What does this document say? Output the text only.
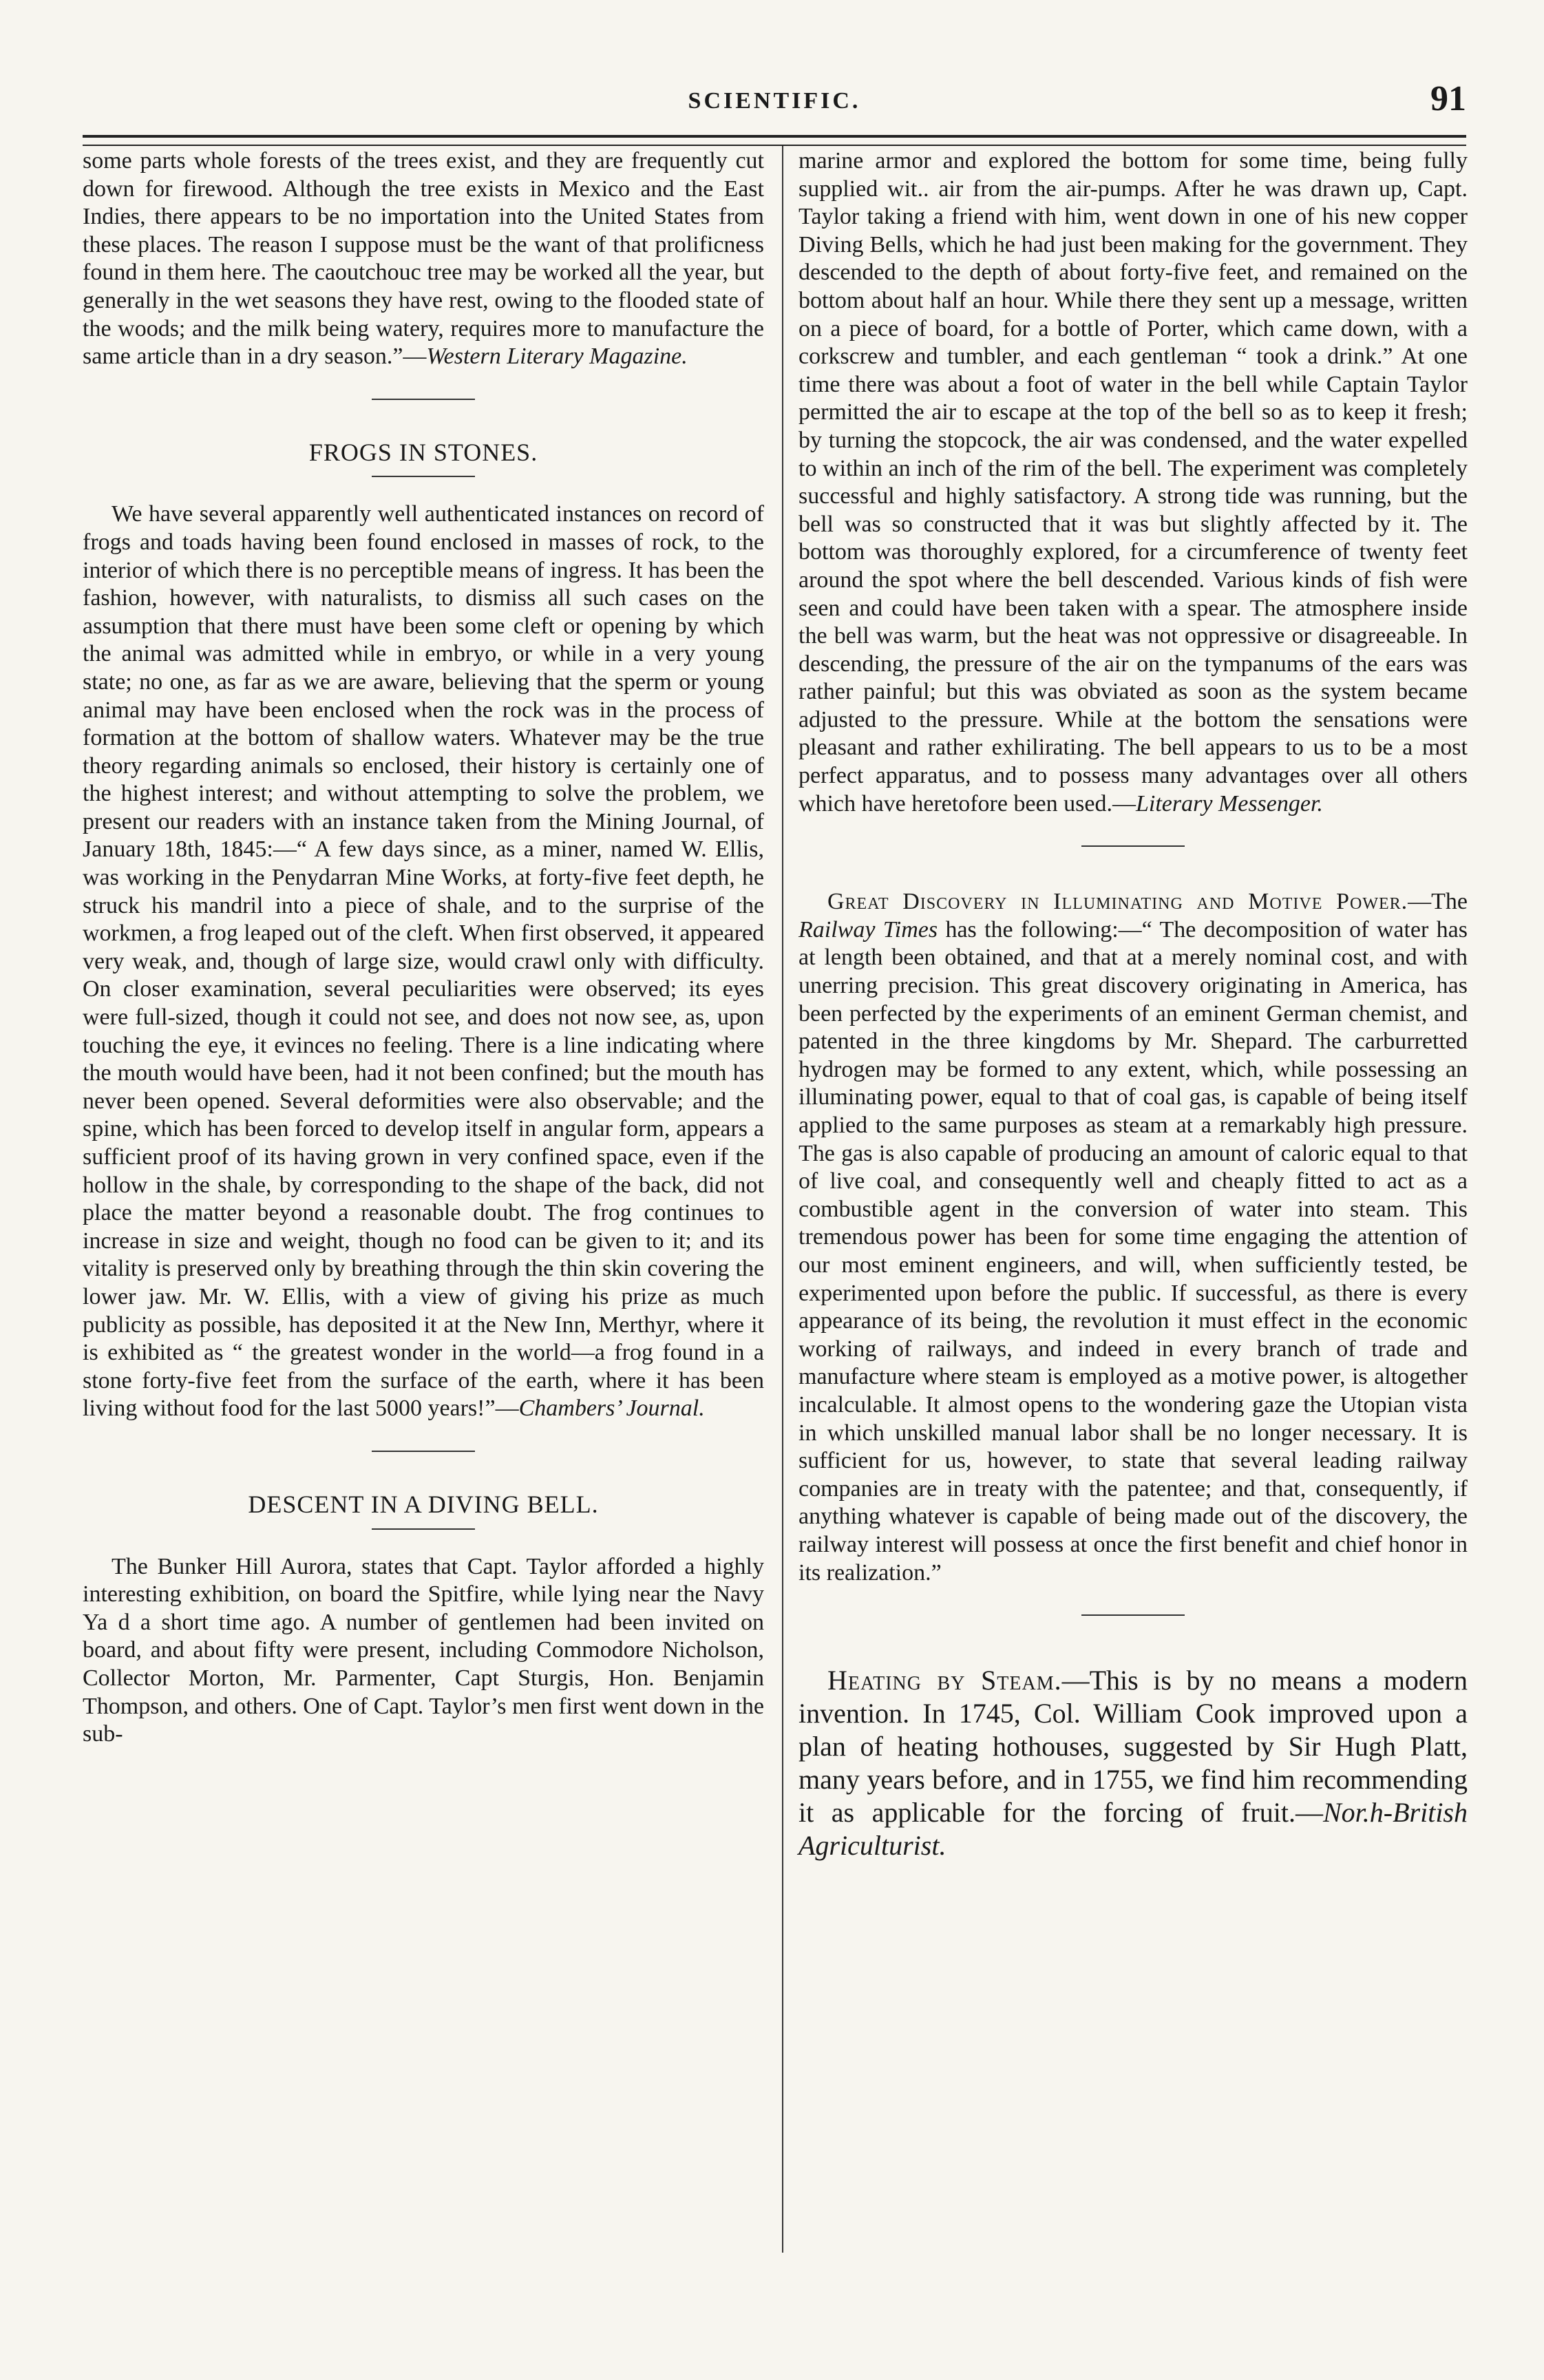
SCIENTIFIC.	91

some parts whole forests of the trees exist, and they are frequently cut down for firewood. Although the tree exists in Mexico and the East Indies, there appears to be no importation into the United States from these places. The reason I suppose must be the want of that prolificness found in them here. The caoutchouc tree may be worked all the year, but generally in the wet seasons they have rest, owing to the flooded state of the woods; and the milk being watery, requires more to manufacture the same article than in a dry season.”—Western Literary Magazine.

FROGS IN STONES.

We have several apparently well authenticated instances on record of frogs and toads having been found enclosed in masses of rock, to the interior of which there is no perceptible means of ingress. It has been the fashion, however, with naturalists, to dismiss all such cases on the assumption that there must have been some cleft or opening by which the animal was admitted while in embryo, or while in a very young state; no one, as far as we are aware, believing that the sperm or young animal may have been enclosed when the rock was in the process of formation at the bottom of shallow waters. Whatever may be the true theory regarding animals so enclosed, their history is certainly one of the highest interest; and without attempting to solve the problem, we present our readers with an instance taken from the Mining Journal, of January 18th, 1845:—“ A few days since, as a miner, named W. Ellis, was working in the Penydarran Mine Works, at forty-five feet depth, he struck his mandril into a piece of shale, and to the surprise of the workmen, a frog leaped out of the cleft. When first observed, it appeared very weak, and, though of large size, would crawl only with difficulty. On closer examination, several peculiarities were observed; its eyes were full-sized, though it could not see, and does not now see, as, upon touching the eye, it evinces no feeling. There is a line indicating where the mouth would have been, had it not been confined; but the mouth has never been opened. Several deformities were also observable; and the spine, which has been forced to develop itself in angular form, appears a sufficient proof of its having grown in very confined space, even if the hollow in the shale, by corresponding to the shape of the back, did not place the matter beyond a reasonable doubt. The frog continues to increase in size and weight, though no food can be given to it; and its vitality is preserved only by breathing through the thin skin covering the lower jaw. Mr. W. Ellis, with a view of giving his prize as much publicity as possible, has deposited it at the New Inn, Merthyr, where it is exhibited as “ the greatest wonder in the world—a frog found in a stone forty-five feet from the surface of the earth, where it has been living without food for the last 5000 years!”—Chambers’ Journal.

DESCENT IN A DIVING BELL.

The Bunker Hill Aurora, states that Capt. Taylor afforded a highly interesting exhibition, on board the Spitfire, while lying near the Navy Ya d a short time ago. A number of gentlemen had been invited on board, and about fifty were present, including Commodore Nicholson, Collector Morton, Mr. Parmenter, Capt Sturgis, Hon. Benjamin Thompson, and others. One of Capt. Taylor’s men first went down in the sub-

marine armor and explored the bottom for some time, being fully supplied wit.. air from the air-pumps. After he was drawn up, Capt. Taylor taking a friend with him, went down in one of his new copper Diving Bells, which he had just been making for the government. They descended to the depth of about forty-five feet, and remained on the bottom about half an hour. While there they sent up a message, written on a piece of board, for a bottle of Porter, which came down, with a corkscrew and tumbler, and each gentleman “ took a drink.” At one time there was about a foot of water in the bell while Captain Taylor permitted the air to escape at the top of the bell so as to keep it fresh; by turning the stopcock, the air was condensed, and the water expelled to within an inch of the rim of the bell. The experiment was completely successful and highly satisfactory. A strong tide was running, but the bell was so constructed that it was but slightly affected by it. The bottom was thoroughly explored, for a circumference of twenty feet around the spot where the bell descended. Various kinds of fish were seen and could have been taken with a spear. The atmosphere inside the bell was warm, but the heat was not oppressive or disagreeable. In descending, the pressure of the air on the tympanums of the ears was rather painful; but this was obviated as soon as the system became adjusted to the pressure. While at the bottom the sensations were pleasant and rather exhilirating. The bell appears to us to be a most perfect apparatus, and to possess many advantages over all others which have heretofore been used.—Literary Messenger.

Great Discovery in Illuminating and Motive Power.—The Railway Times has the following:—“ The decomposition of water has at length been obtained, and that at a merely nominal cost, and with unerring precision. This great discovery originating in America, has been perfected by the experiments of an eminent German chemist, and patented in the three kingdoms by Mr. Shepard. The carburretted hydrogen may be formed to any extent, which, while possessing an illuminating power, equal to that of coal gas, is capable of being itself applied to the same purposes as steam at a remarkably high pressure. The gas is also capable of producing an amount of caloric equal to that of live coal, and consequently well and cheaply fitted to act as a combustible agent in the conversion of water into steam. This tremendous power has been for some time engaging the attention of our most eminent engineers, and will, when sufficiently tested, be experimented upon before the public. If successful, as there is every appearance of its being, the revolution it must effect in the economic working of railways, and indeed in every branch of trade and manufacture where steam is employed as a motive power, is altogether incalculable. It almost opens to the wondering gaze the Utopian vista in which unskilled manual labor shall be no longer necessary. It is sufficient for us, however, to state that several leading railway companies are in treaty with the patentee; and that, consequently, if anything whatever is capable of being made out of the discovery, the railway interest will possess at once the first benefit and chief honor in its realization.”

Heating by Steam.—This is by no means a modern invention. In 1745, Col. William Cook improved upon a plan of heating hothouses, suggested by Sir Hugh Platt, many years before, and in 1755, we find him recommending it as applicable for the forcing of fruit.—Nor.h-British Agriculturist.
